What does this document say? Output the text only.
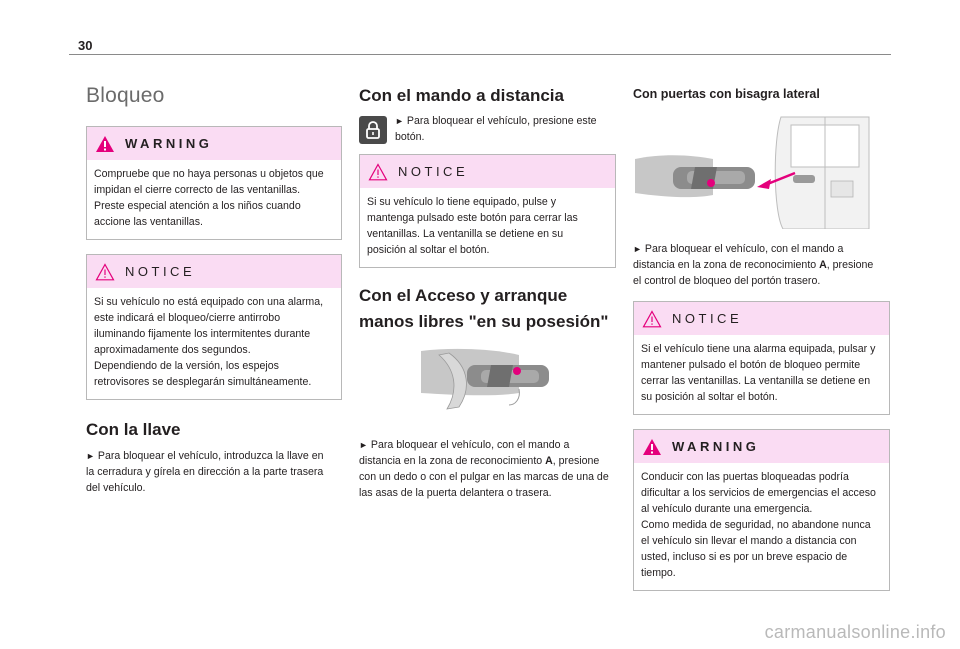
30
Bloqueo
WARNING
Compruebe que no haya personas u objetos que
impidan el cierre correcto de las ventanillas.
Preste especial atención a los niños cuando
accione las ventanillas.
NOTICE
Si su vehículo no está equipado con una alarma,
este indicará el bloqueo/cierre antirrobo
iluminando fijamente los intermitentes durante
aproximadamente dos segundos.
Dependiendo de la versión, los espejos
retrovisores se desplegarán simultáneamente.
Con la llave
► Para bloquear el vehículo, introduzca la llave en
la cerradura y gírela en dirección a la parte trasera
del vehículo.
Con el mando a distancia
► Para bloquear el vehículo, presione este
botón.
NOTICE
Si su vehículo lo tiene equipado, pulse y
mantenga pulsado este botón para cerrar las
ventanillas. La ventanilla se detiene en su
posición al soltar el botón.
Con el Acceso y arranque
manos libres "en su posesión"
► Para bloquear el vehículo, con el mando a
distancia en la zona de reconocimiento A, presione
con un dedo o con el pulgar en las marcas de una de
las asas de la puerta delantera o trasera.
Con puertas con bisagra lateral
► Para bloquear el vehículo, con el mando a
distancia en la zona de reconocimiento A, presione
el control de bloqueo del portón trasero.
NOTICE
Si el vehículo tiene una alarma equipada, pulsar y
mantener pulsado el botón de bloqueo permite
cerrar las ventanillas. La ventanilla se detiene en
su posición al soltar el botón.
WARNING
Conducir con las puertas bloqueadas podría
dificultar a los servicios de emergencias el acceso
al vehículo durante una emergencia.
Como medida de seguridad, no abandone nunca
el vehículo sin llevar el mando a distancia con
usted, incluso si es por un breve espacio de
tiempo.
carmanualsonline.info
